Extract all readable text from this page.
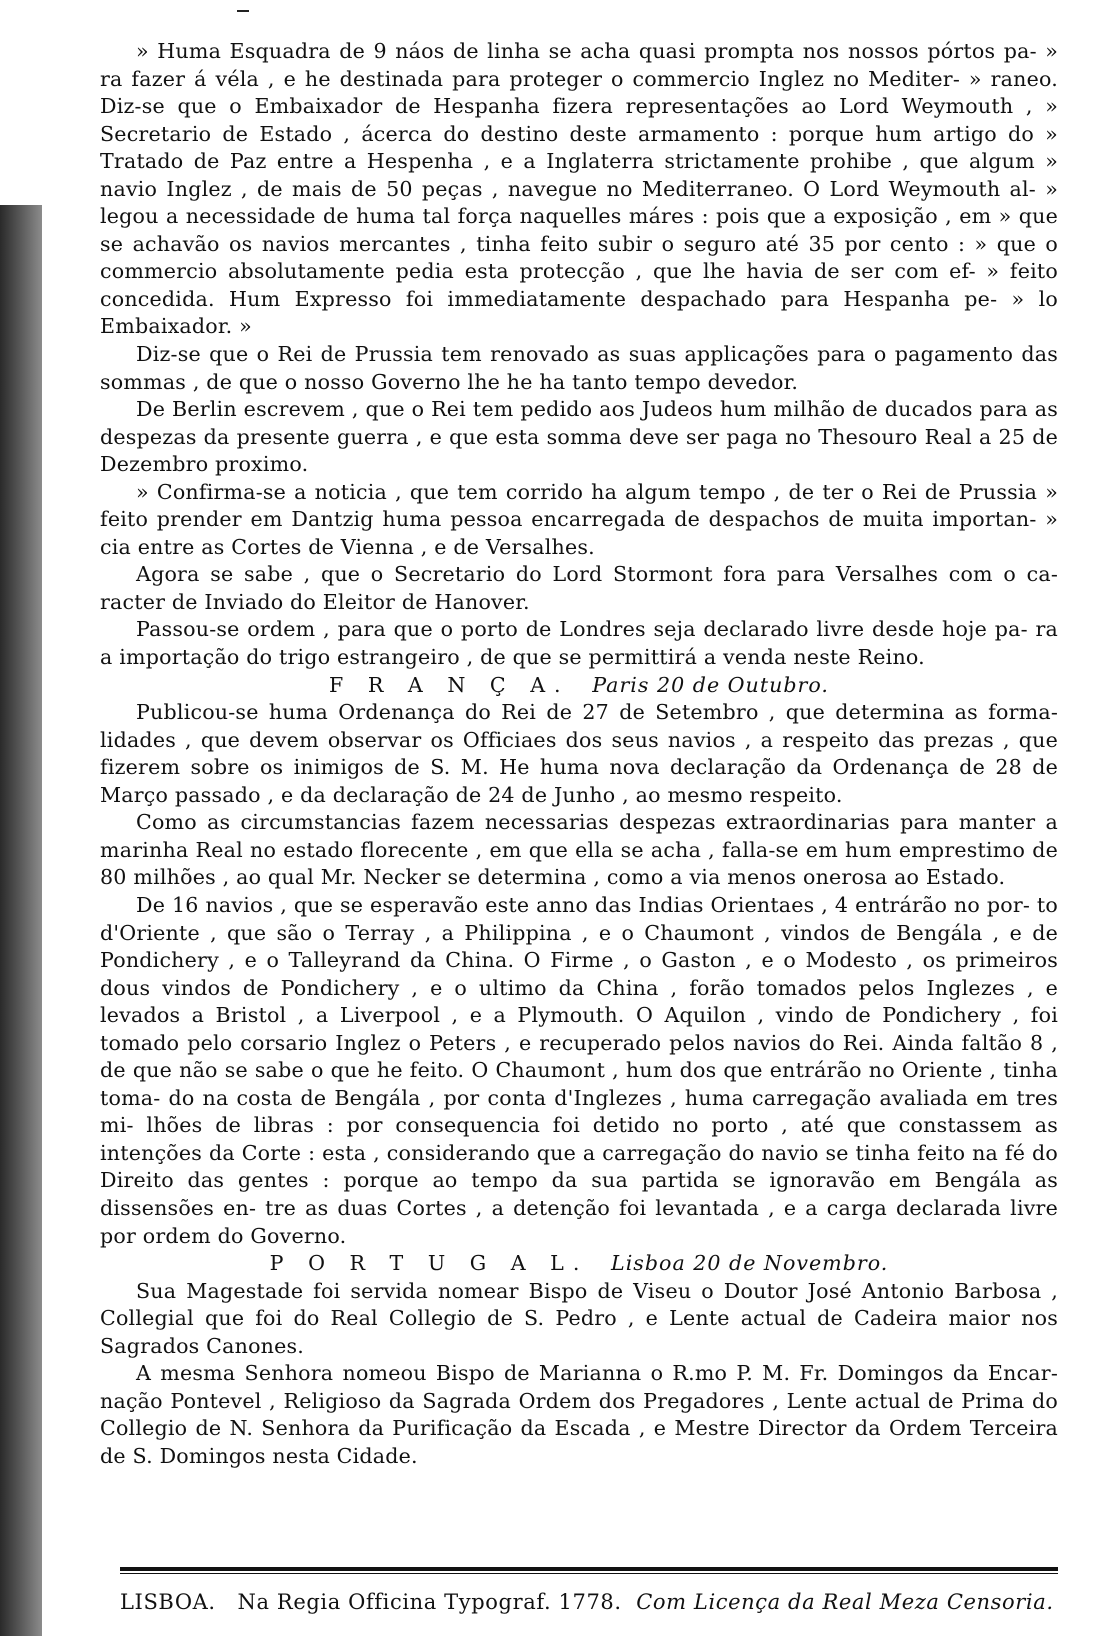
» Huma Esquadra de 9 náos de linha se acha quasi prompta nos nossos pórtos pa- » ra fazer á véla , e he destinada para proteger o commercio Inglez no Mediter- » raneo. Diz-se que o Embaixador de Hespanha fizera representações ao Lord Weymouth , » Secretario de Estado , ácerca do destino deste armamento : porque hum artigo do » Tratado de Paz entre a Hespenha , e a Inglaterra strictamente prohibe , que algum » navio Inglez , de mais de 50 peças , navegue no Mediterraneo. O Lord Weymouth al- » legou a necessidade de huma tal força naquelles máres : pois que a exposição , em » que se achavão os navios mercantes , tinha feito subir o seguro até 35 por cento : » que o commercio absolutamente pedia esta protecção , que lhe havia de ser com ef- » feito concedida. Hum Expresso foi immediatamente despachado para Hespanha pe- » lo Embaixador. »

Diz-se que o Rei de Prussia tem renovado as suas applicações para o pagamento das sommas , de que o nosso Governo lhe he ha tanto tempo devedor.

De Berlin escrevem , que o Rei tem pedido aos Judeos hum milhão de ducados para as despezas da presente guerra , e que esta somma deve ser paga no Thesouro Real a 25 de Dezembro proximo.

» Confirma-se a noticia , que tem corrido ha algum tempo , de ter o Rei de Prussia » feito prender em Dantzig huma pessoa encarregada de despachos de muita importan- » cia entre as Cortes de Vienna , e de Versalhes.

Agora se sabe , que o Secretario do Lord Stormont fora para Versalhes com o ca- racter de Inviado do Eleitor de Hanover.

Passou-se ordem , para que o porto de Londres seja declarado livre desde hoje pa- ra a importação do trigo estrangeiro , de que se permittirá a venda neste Reino.

F R A N Ç A. Paris 20 de Outubro.

Publicou-se huma Ordenança do Rei de 27 de Setembro , que determina as forma- lidades , que devem observar os Officiaes dos seus navios , a respeito das prezas , que fizerem sobre os inimigos de S. M. He huma nova declaração da Ordenança de 28 de Março passado , e da declaração de 24 de Junho , ao mesmo respeito.

Como as circumstancias fazem necessarias despezas extraordinarias para manter a marinha Real no estado florecente , em que ella se acha , falla-se em hum emprestimo de 80 milhões , ao qual Mr. Necker se determina , como a via menos onerosa ao Estado.

De 16 navios , que se esperavão este anno das Indias Orientaes , 4 entrárão no por- to d'Oriente , que são o Terray , a Philippina , e o Chaumont , vindos de Bengála , e de Pondichery , e o Talleyrand da China. O Firme , o Gaston , e o Modesto , os primeiros dous vindos de Pondichery , e o ultimo da China , forão tomados pelos Inglezes , e levados a Bristol , a Liverpool , e a Plymouth. O Aquilon , vindo de Pondichery , foi tomado pelo corsario Inglez o Peters , e recuperado pelos navios do Rei. Ainda faltão 8 , de que não se sabe o que he feito. O Chaumont , hum dos que entrárão no Oriente , tinha toma- do na costa de Bengála , por conta d'Inglezes , huma carregação avaliada em tres mi- lhões de libras : por consequencia foi detido no porto , até que constassem as intenções da Corte : esta , considerando que a carregação do navio se tinha feito na fé do Direito das gentes : porque ao tempo da sua partida se ignoravão em Bengála as dissensões en- tre as duas Cortes , a detenção foi levantada , e a carga declarada livre por ordem do Governo.

P O R T U G A L. Lisboa 20 de Novembro.

Sua Magestade foi servida nomear Bispo de Viseu o Doutor José Antonio Barbosa , Collegial que foi do Real Collegio de S. Pedro , e Lente actual de Cadeira maior nos Sagrados Canones.

A mesma Senhora nomeou Bispo de Marianna o R.mo P. M. Fr. Domingos da Encar- nação Pontevel , Religioso da Sagrada Ordem dos Pregadores , Lente actual de Prima do Collegio de N. Senhora da Purificação da Escada , e Mestre Director da Ordem Terceira de S. Domingos nesta Cidade.

LISBOA. Na Regia Officina Typograf. 1778. Com Licença da Real Meza Censoria.
